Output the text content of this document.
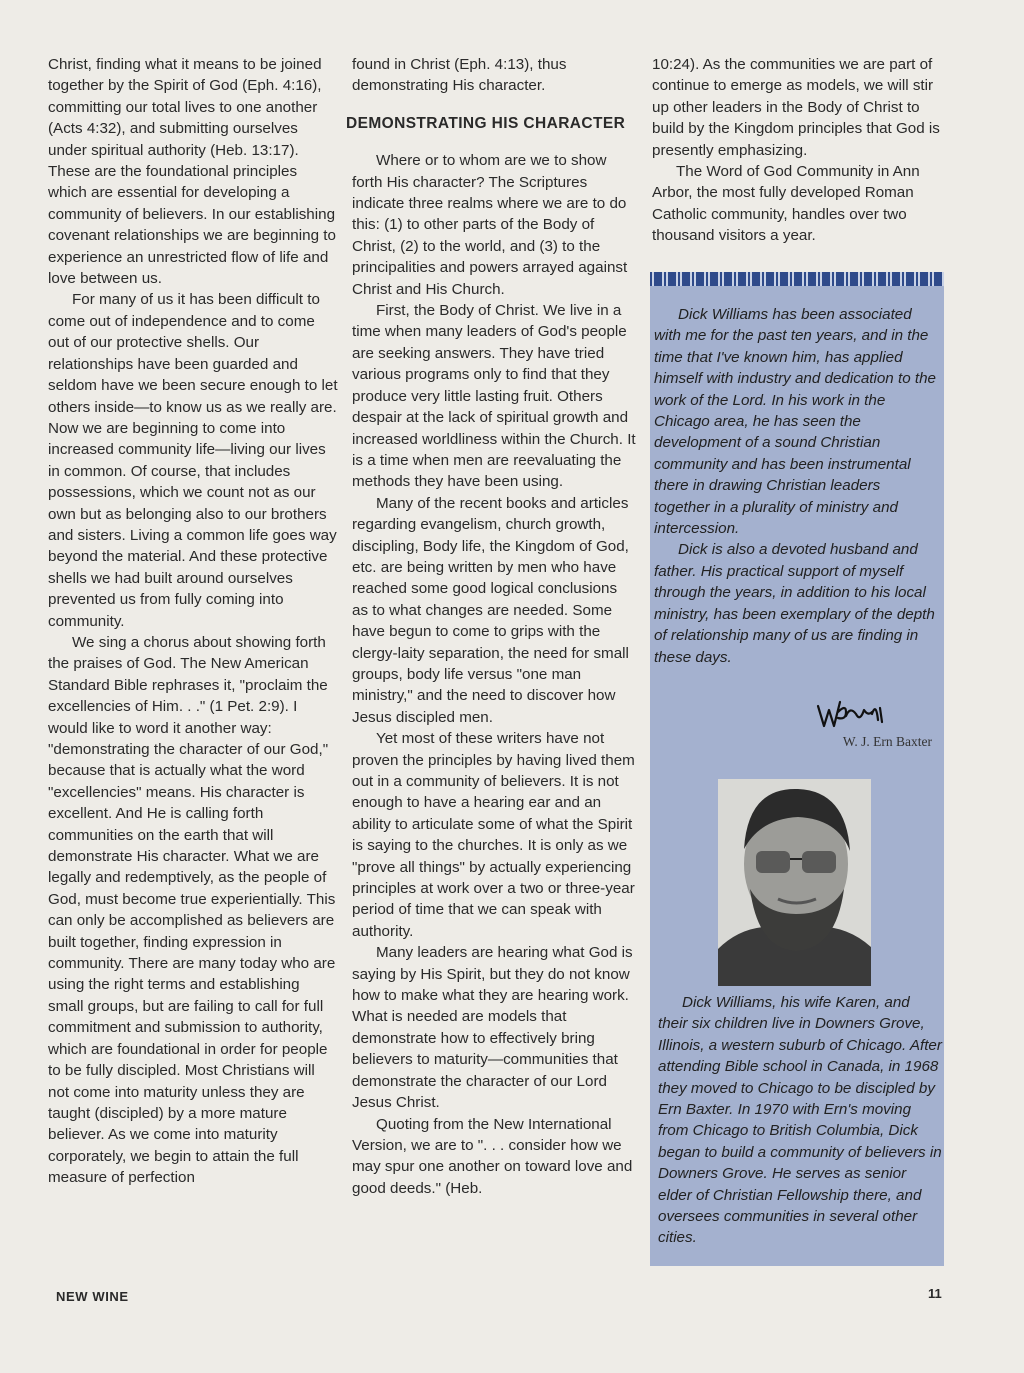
Christ, finding what it means to be joined together by the Spirit of God (Eph. 4:16), committing our total lives to one another (Acts 4:32), and submitting ourselves under spiritual authority (Heb. 13:17). These are the foundational principles which are essential for developing a community of believers. In our establishing covenant relationships we are beginning to experience an unrestricted flow of life and love between us.

For many of us it has been difficult to come out of independence and to come out of our protective shells. Our relationships have been guarded and seldom have we been secure enough to let others inside—to know us as we really are. Now we are beginning to come into increased community life—living our lives in common. Of course, that includes possessions, which we count not as our own but as belonging also to our brothers and sisters. Living a common life goes way beyond the material. And these protective shells we had built around ourselves prevented us from fully coming into community.

We sing a chorus about showing forth the praises of God. The New American Standard Bible rephrases it, "proclaim the excellencies of Him. . ." (1 Pet. 2:9). I would like to word it another way: "demonstrating the character of our God," because that is actually what the word "excellencies" means. His character is excellent. And He is calling forth communities on the earth that will demonstrate His character. What we are legally and redemptively, as the people of God, must become true experientially. This can only be accomplished as believers are built together, finding expression in community. There are many today who are using the right terms and establishing small groups, but are failing to call for full commitment and submission to authority, which are foundational in order for people to be fully discipled. Most Christians will not come into maturity unless they are taught (discipled) by a more mature believer. As we come into maturity corporately, we begin to attain the full measure of perfection

found in Christ (Eph. 4:13), thus demonstrating His character.

DEMONSTRATING HIS CHARACTER

Where or to whom are we to show forth His character? The Scriptures indicate three realms where we are to do this: (1) to other parts of the Body of Christ, (2) to the world, and (3) to the principalities and powers arrayed against Christ and His Church.

First, the Body of Christ. We live in a time when many leaders of God's people are seeking answers. They have tried various programs only to find that they produce very little lasting fruit. Others despair at the lack of spiritual growth and increased worldliness within the Church. It is a time when men are reevaluating the methods they have been using.

Many of the recent books and articles regarding evangelism, church growth, discipling, Body life, the Kingdom of God, etc. are being written by men who have reached some good logical conclusions as to what changes are needed. Some have begun to come to grips with the clergy-laity separation, the need for small groups, body life versus "one man ministry," and the need to discover how Jesus discipled men.

Yet most of these writers have not proven the principles by having lived them out in a community of believers. It is not enough to have a hearing ear and an ability to articulate some of what the Spirit is saying to the churches. It is only as we "prove all things" by actually experiencing principles at work over a two or three-year period of time that we can speak with authority.

Many leaders are hearing what God is saying by His Spirit, but they do not know how to make what they are hearing work. What is needed are models that demonstrate how to effectively bring believers to maturity—communities that demonstrate the character of our Lord Jesus Christ.

Quoting from the New International Version, we are to ". . . consider how we may spur one another on toward love and good deeds." (Heb.

10:24). As the communities we are part of continue to emerge as models, we will stir up other leaders in the Body of Christ to build by the Kingdom principles that God is presently emphasizing.

The Word of God Community in Ann Arbor, the most fully developed Roman Catholic community, handles over two thousand visitors a year.

Dick Williams has been associated with me for the past ten years, and in the time that I've known him, has applied himself with industry and dedication to the work of the Lord. In his work in the Chicago area, he has seen the development of a sound Christian community and has been instrumental there in drawing Christian leaders together in a plurality of ministry and intercession.

Dick is also a devoted husband and father. His practical support of myself through the years, in addition to his local ministry, has been exemplary of the depth of relationship many of us are finding in these days.

W. J. Ern Baxter

Dick Williams, his wife Karen, and their six children live in Downers Grove, Illinois, a western suburb of Chicago. After attending Bible school in Canada, in 1968 they moved to Chicago to be discipled by Ern Baxter. In 1970 with Ern's moving from Chicago to British Columbia, Dick began to build a community of believers in Downers Grove. He serves as senior elder of Christian Fellowship there, and oversees communities in several other cities.

NEW WINE	11
